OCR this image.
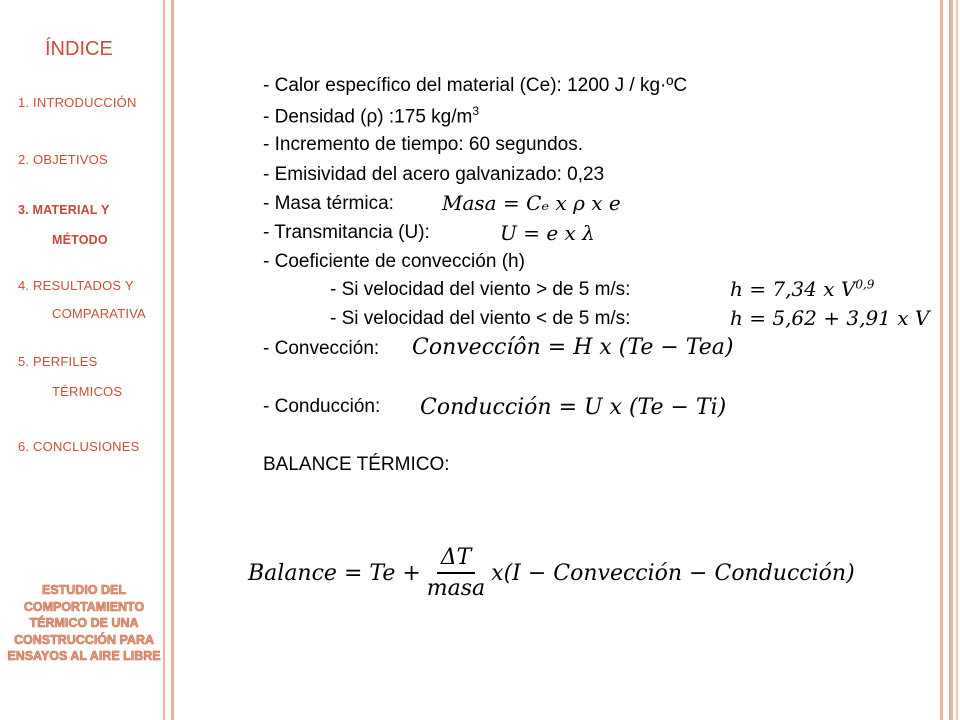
ÍNDICE
1. INTRODUCCIÓN
2. OBJETIVOS
3. MATERIAL Y
MÉTODO
4. RESULTADOS Y
COMPARATIVA
5. PERFILES
TÉRMICOS
6. CONCLUSIONES
ESTUDIO DEL COMPORTAMIENTO TÉRMICO DE UNA CONSTRUCCIÓN PARA ENSAYOS AL AIRE LIBRE
- Calor específico del material (Ce): 1200 J / kg·ºC
- Densidad (ρ) :175 $kg/m^3$
- Incremento de tiempo: 60 segundos.
- Emisividad del acero galvanizado: 0,23
- Masa térmica: Masa = Cₑ x ρ x e
- Transmitancia (U):	U = e x λ
- Coeficiente de convección (h)
- Si velocidad del viento > de 5 m/s:	h = 7,34 x V$^{0,9}$
- Si velocidad del viento < de 5 m/s:	h = 5,62 + 3,91 x V
- Convección: Conveccíôn = H x (Te − Tea)
- Conducción: Conducción = U x (Te − Ti)
BALANCE TÉRMICO:
Balance = $Te + \frac{\Delta T}{\text{masa}} x(I$ − Convección − Conducción)
